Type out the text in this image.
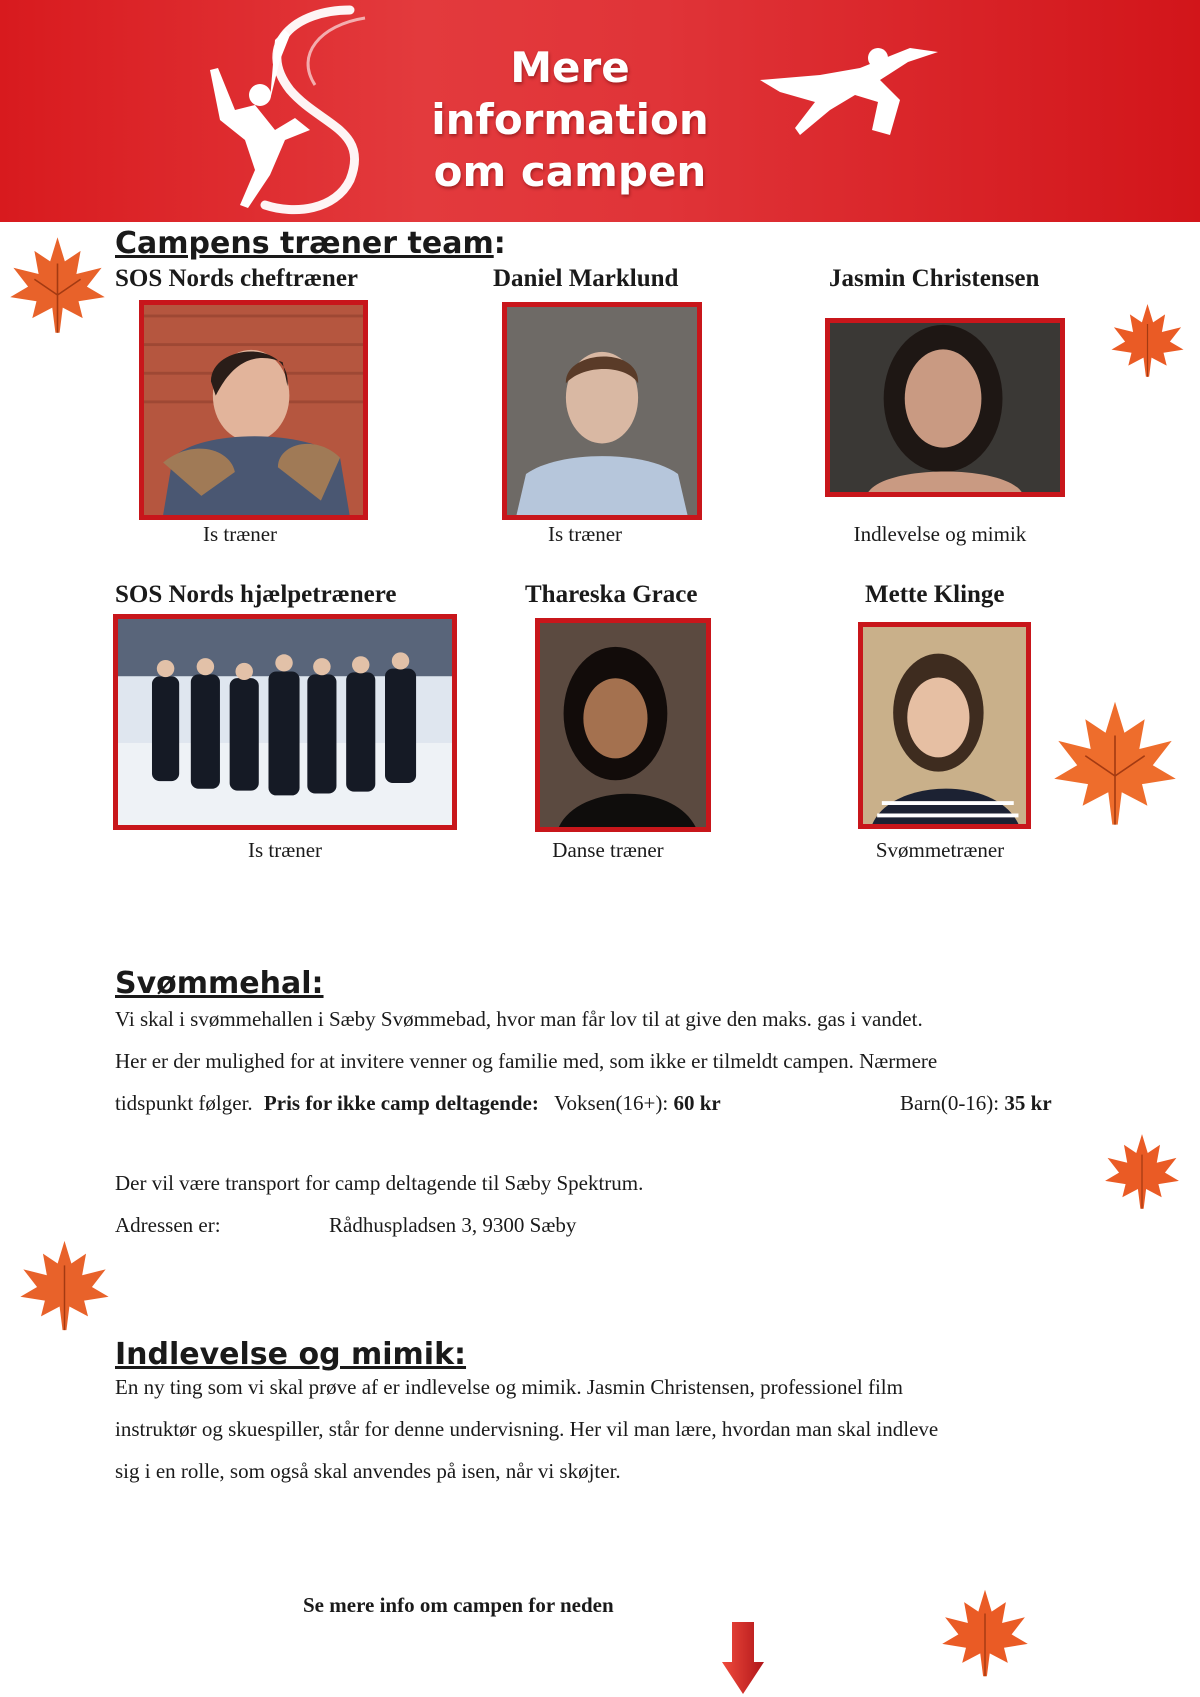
Mere
information
om campen
Campens træner team:
SOS Nords cheftræner	Daniel Marklund	Jasmin Christensen
Is træner	Is træner	Indlevelse og mimik
SOS Nords hjælpetrænere	Thareska Grace	Mette Klinge
Is træner	Danse træner	Svømmetræner
Svømmehal:
Vi skal i svømmehallen i Sæby Svømmebad, hvor man får lov til at give den maks. gas i vandet.
Her er der mulighed for at invitere venner og familie med, som ikke er tilmeldt campen. Nærmere
tidspunkt følger. Pris for ikke camp deltagende: Voksen(16+): 60 kr	Barn(0-16): 35 kr
Der vil være transport for camp deltagende til Sæby Spektrum.
Adressen er:	Rådhuspladsen 3, 9300 Sæby
Indlevelse og mimik:
En ny ting som vi skal prøve af er indlevelse og mimik. Jasmin Christensen, professionel film
instruktør og skuespiller, står for denne undervisning. Her vil man lære, hvordan man skal indleve
sig i en rolle, som også skal anvendes på isen, når vi skøjter.
Se mere info om campen for neden
